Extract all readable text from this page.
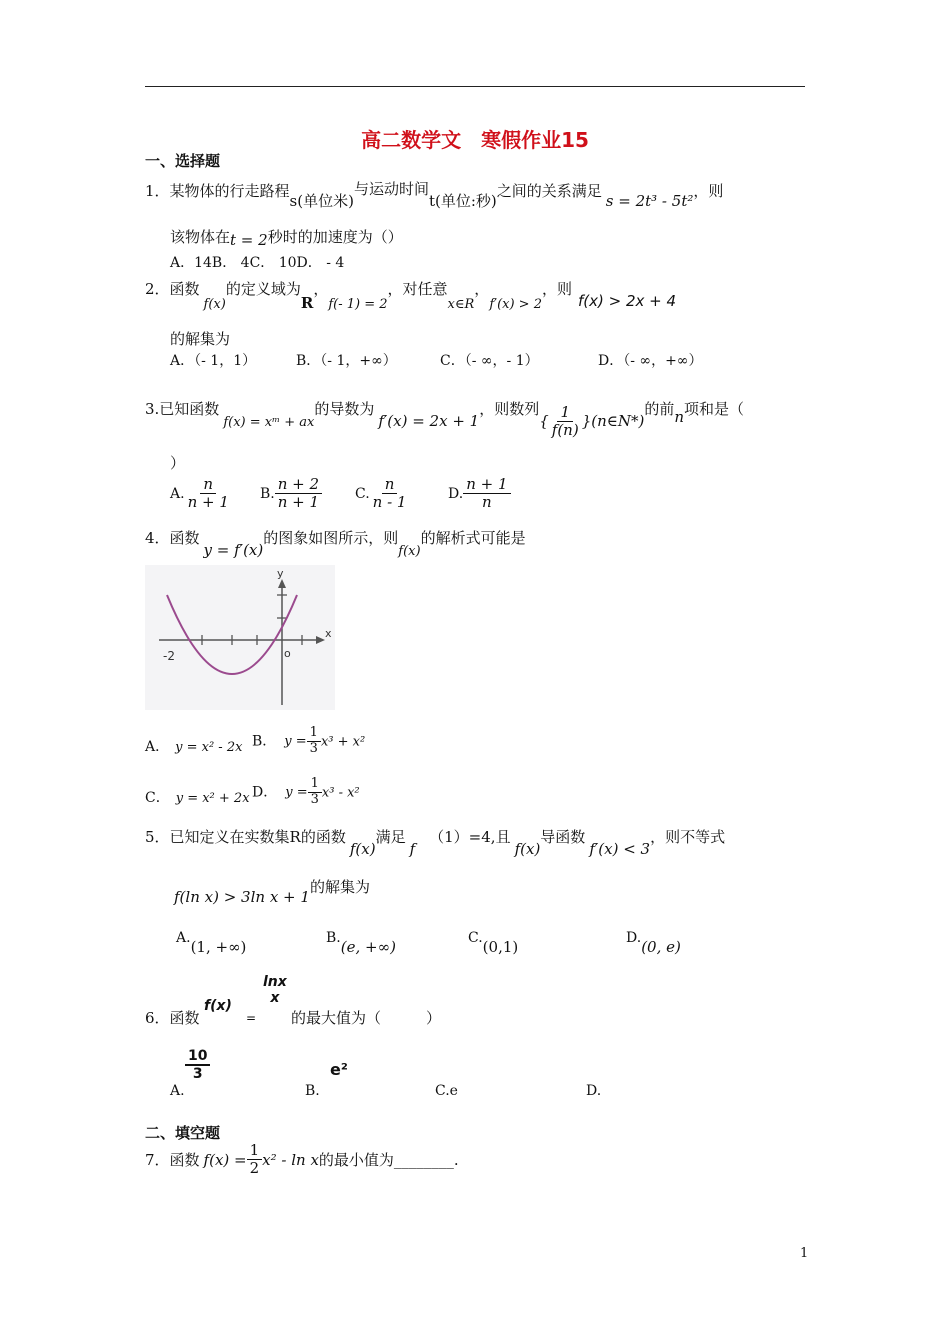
高二数学文　寒假作业15
一、选择题
1．某物体的行走路程s(单位米)与运动时间t(单位:秒)之间的关系满足s = 2t³ - 5t²，则
该物体在t = 2秒时的加速度为（）
A．14B． 4C． 10D． - 4
2．函数f(x)的定义域为R，f(- 1) = 2，对任意x∈R，f′(x) > 2，则f(x) > 2x + 4
的解集为
A．（- 1，1）	B．（- 1，+∞）	C．（- ∞，- 1）	D．（- ∞，+∞）
3.已知函数f(x) = xᵐ + ax的导数为f′(x) = 2x + 1，则数列{ $\frac{1}{f(n)}$ }(n∈N*)的前n项和是（
）
A. $\frac{n}{n + 1} B$. $\frac{n + 2}{n + 1} C$. $\frac{n}{n - 1}$	D. $\frac{n + 1}{n}$
4．函数y = f′(x)的图象如图所示，则f(x)的解析式可能是
-2	o
y
x
A． y = x² - 2x B． $y = \frac{1}{3} x^3 + x^2$
C． y = x² + 2x D． $y = \frac{1}{3} x^3 - x^2$
5．已知定义在实数集R的函数f(x)满足f（1）=4,且f(x)导函数f′(x) < 3，则不等式
f(ln x) > 3ln x + 1的解集为
A.(1, +∞)	B.(e, +∞)	C.(0,1)	D.(0, e)
6．函数
f(x)
=
lnx
x
的最大值为（　　　）
A.
$\frac{10}{3}$
B.
e²
C.e	D.
二、填空题
7．函数 $f(x) = \frac{1}{2} x^2 - \ln x$ 的最小值为________.
1
